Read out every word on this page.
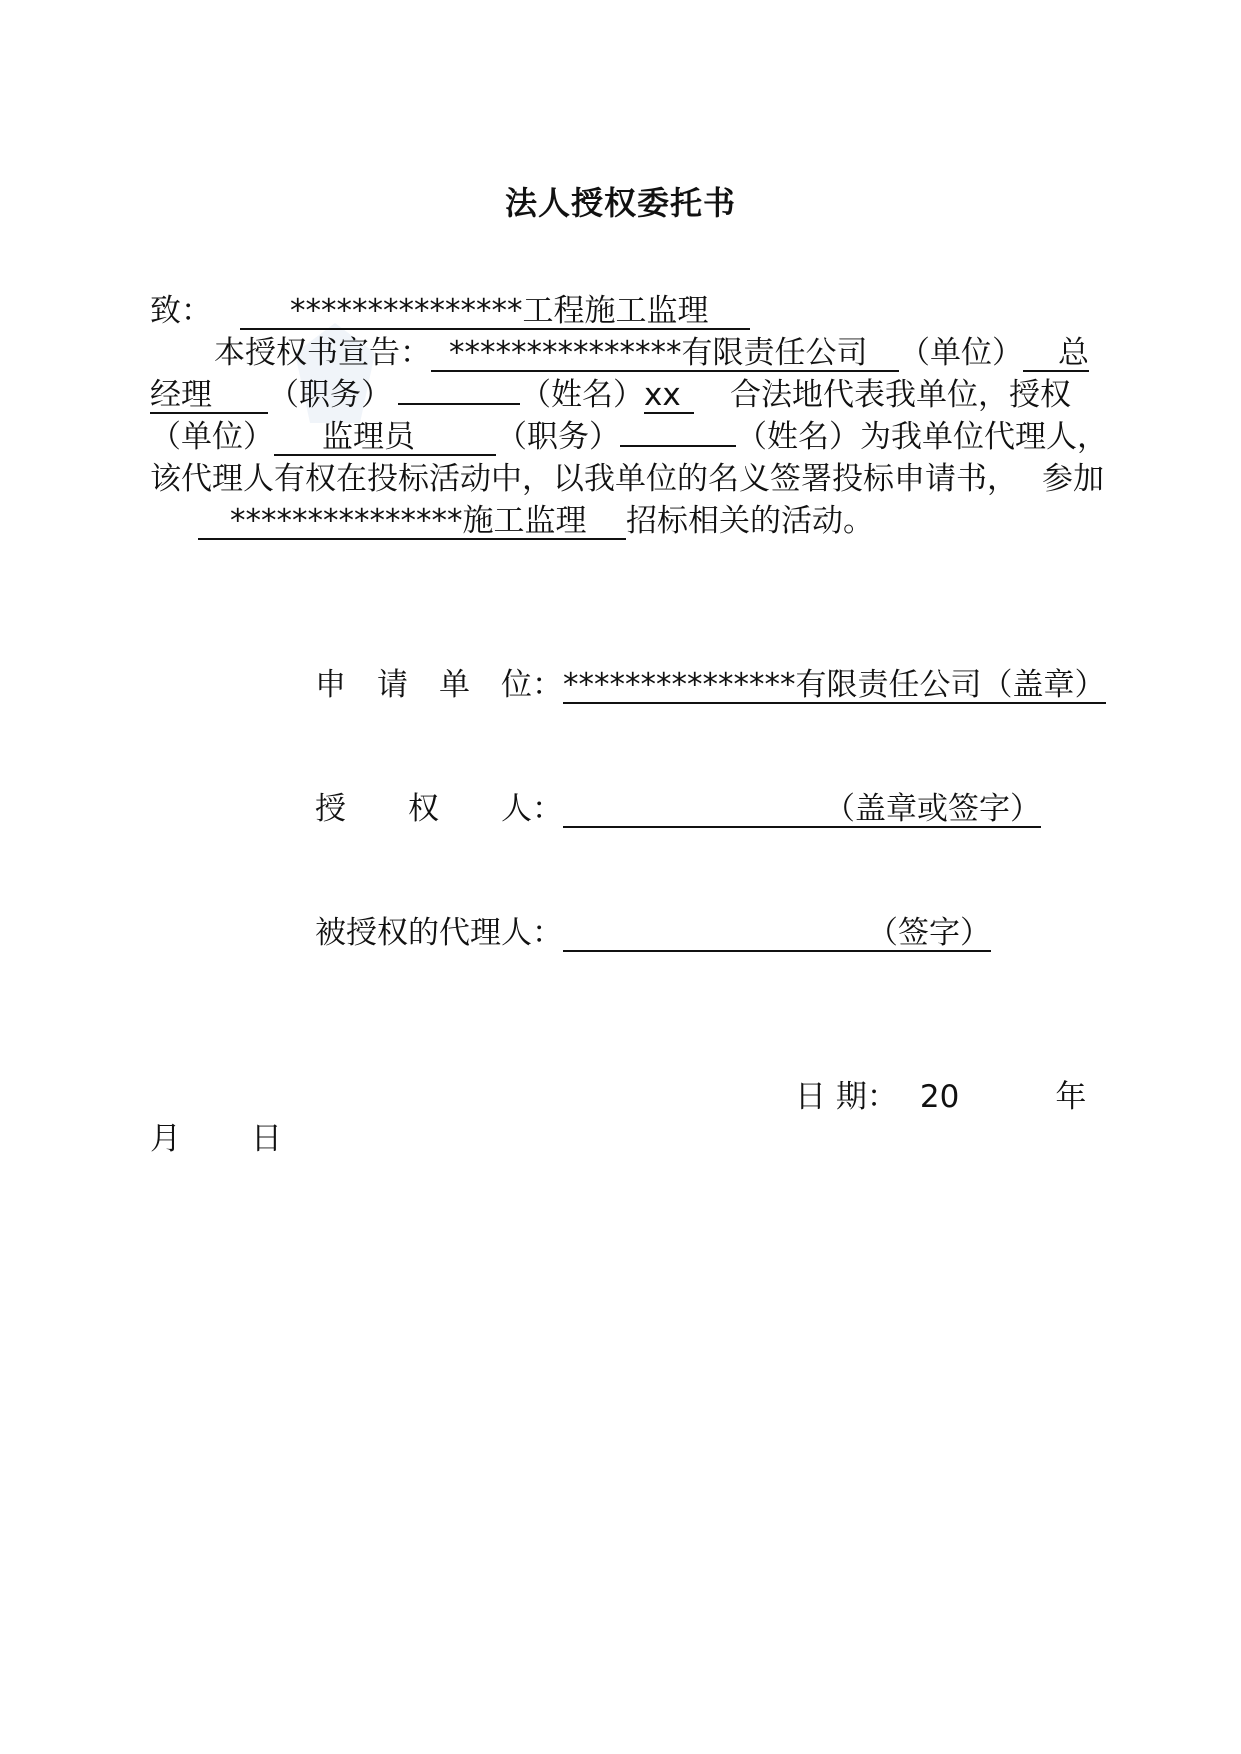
法人授权委托书
致：	***************工程施工监理
本授权书宣告： ***************有限责任公司 （单位） 总
经理 （职务）	（姓名）xx 合法地代表我单位，授权
（单位） 监理员	（职务）	（姓名）为我单位代理人，
该代理人有权在投标活动中，以我单位的名义签署投标申请书， 参加
***************施工监理 招标相关的活动。
申　请　单　位：***************有限责任公司（盖章）
授　　权　　人：	（盖章或签字）
被授权的代理人：	（签字）
日 期： 20	年
月 日
